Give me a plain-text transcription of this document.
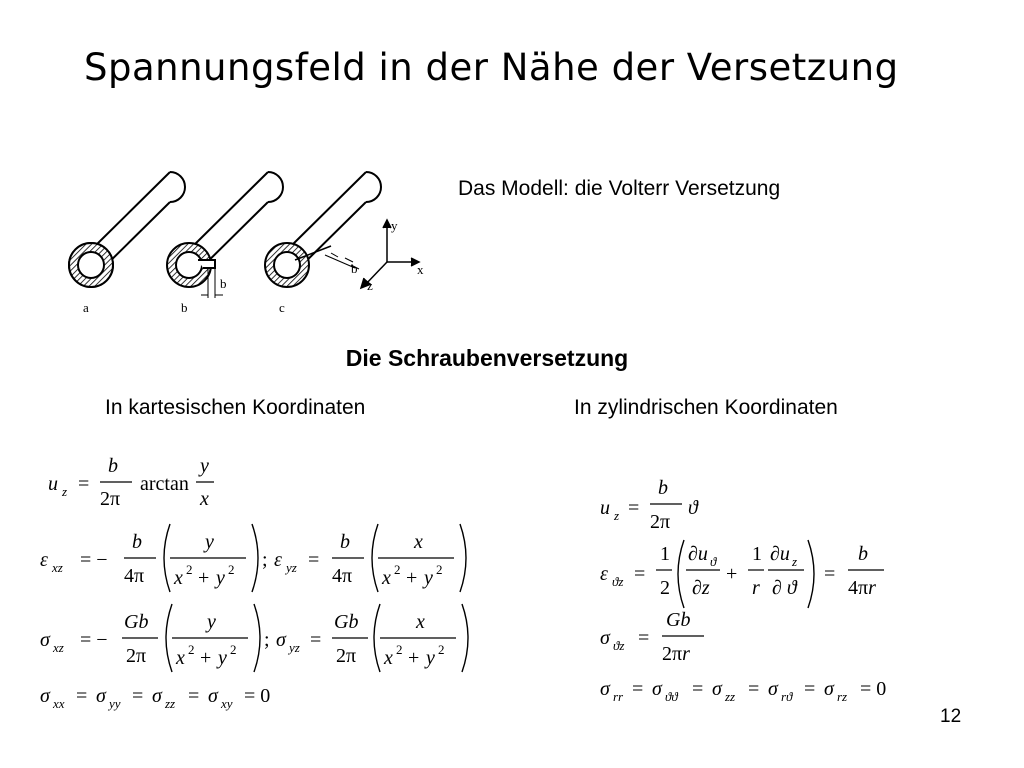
Spannungsfeld in der Nähe der Versetzung
a	b	c
b
b
y
x
z
Das Modell: die Volterr Versetzung
Die Schraubenversetzung
In kartesischen Koordinaten	In zylindrischen Koordinaten
u z =
b
2π
arctan
y
x
ε xz = −
b
4π
y
x 2 + y 2 ; ε yz =
b
4π
x
x 2 + y 2
σ xz = −
Gb
2π
y
x 2 + y 2 ; σ yz =
Gb
2π
x
x 2 + y 2
σ xx = σ yy = σ zz = σ xy = 0
u z =
b
2π
ϑ
ε ϑz =
1
2
∂u ϑ
∂z
+
1
r
∂u z
∂ ϑ
=
b
4πr
σ ϑz =
Gb
2πr
σ rr = σ ϑϑ = σ zz = σ rϑ = σ rz = 0
12
